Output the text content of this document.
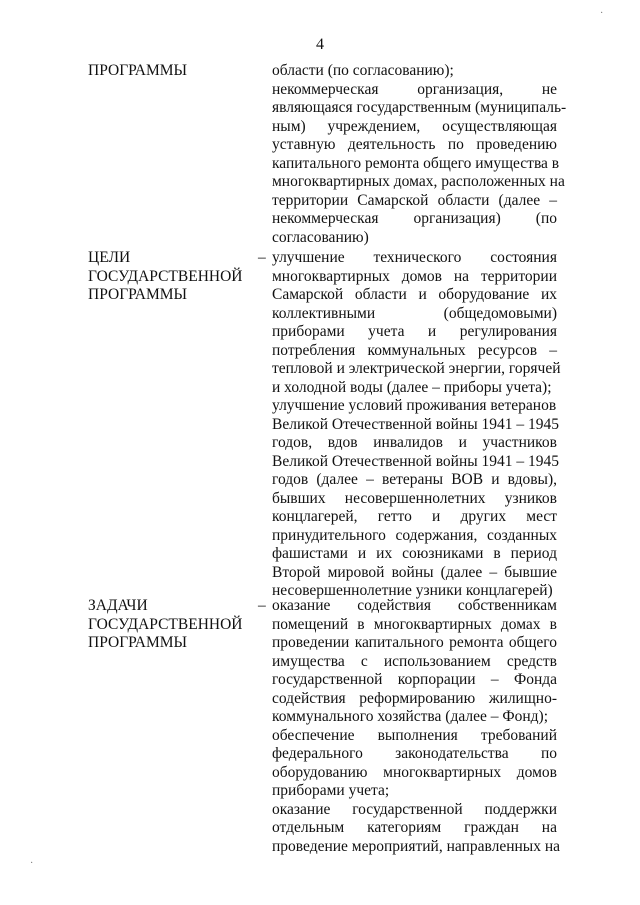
4
ПРОГРАММЫ	области (по согласованию);
некоммерческая организация, не
являющаяся государственным (муниципаль-
ным) учреждением, осуществляющая
уставную деятельность по проведению
капитального ремонта общего имущества в
многоквартирных домах, расположенных на
территории Самарской области (далее –
некоммерческая организация) (по
согласованию)
ЦЕЛИ
ГОСУДАРСТВЕННОЙ
ПРОГРАММЫ
– улучшение технического состояния
многоквартирных домов на территории
Самарской области и оборудование их
коллективными (общедомовыми)
приборами учета и регулирования
потребления коммунальных ресурсов –
тепловой и электрической энергии, горячей
и холодной воды (далее – приборы учета);
улучшение условий проживания ветеранов
Великой Отечественной войны 1941 – 1945
годов, вдов инвалидов и участников
Великой Отечественной войны 1941 – 1945
годов (далее – ветераны ВОВ и вдовы),
бывших несовершеннолетних узников
концлагерей, гетто и других мест
принудительного содержания, созданных
фашистами и их союзниками в период
Второй мировой войны (далее – бывшие
несовершеннолетние узники концлагерей)
ЗАДАЧИ
ГОСУДАРСТВЕННОЙ
ПРОГРАММЫ
– оказание содействия собственникам
помещений в многоквартирных домах в
проведении капитального ремонта общего
имущества с использованием средств
государственной корпорации – Фонда
содействия реформированию жилищно-
коммунального хозяйства (далее – Фонд);
обеспечение выполнения требований
федерального законодательства по
оборудованию многоквартирных домов
приборами учета;
оказание государственной поддержки
отдельным категориям граждан на
проведение мероприятий, направленных на
·
·
